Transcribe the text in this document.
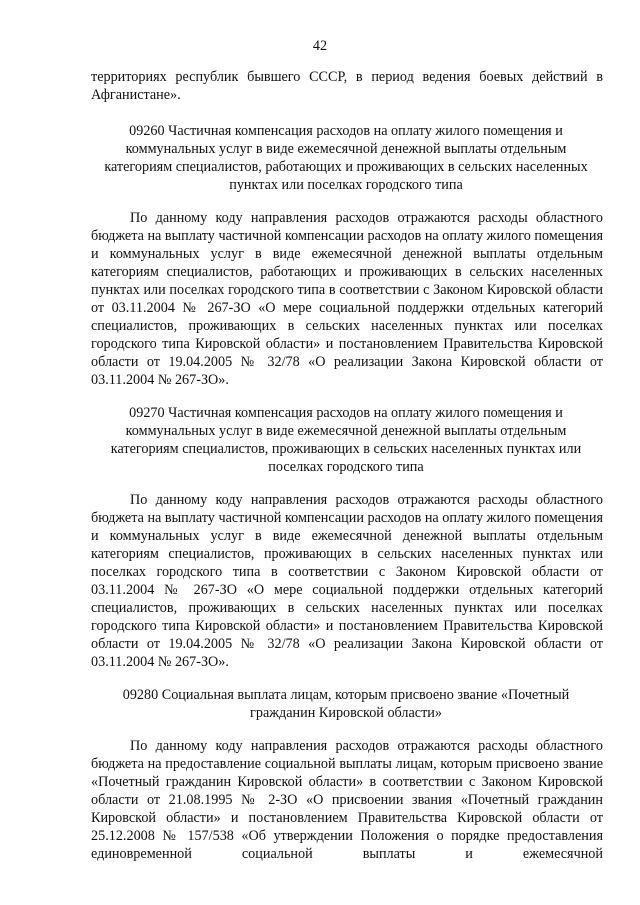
42
территориях республик бывшего СССР, в период ведения боевых действий в Афганистане».
09260 Частичная компенсация расходов на оплату жилого помещения и коммунальных услуг в виде ежемесячной денежной выплаты отдельным категориям специалистов, работающих и проживающих в сельских населенных пунктах или поселках городского типа
По данному коду направления расходов отражаются расходы областного бюджета на выплату частичной компенсации расходов на оплату жилого помещения и коммунальных услуг в виде ежемесячной денежной выплаты отдельным категориям специалистов, работающих и проживающих в сельских населенных пунктах или поселках городского типа в соответствии с Законом Кировской области от 03.11.2004 № 267-ЗО «О мере социальной поддержки отдельных категорий специалистов, проживающих в сельских населенных пунктах или поселках городского типа Кировской области» и постановлением Правительства Кировской области от 19.04.2005 № 32/78 «О реализации Закона Кировской области от 03.11.2004 № 267-ЗО».
09270 Частичная компенсация расходов на оплату жилого помещения и коммунальных услуг в виде ежемесячной денежной выплаты отдельным категориям специалистов, проживающих в сельских населенных пунктах или поселках городского типа
По данному коду направления расходов отражаются расходы областного бюджета на выплату частичной компенсации расходов на оплату жилого помещения и коммунальных услуг в виде ежемесячной денежной выплаты отдельным категориям специалистов, проживающих в сельских населенных пунктах или поселках городского типа в соответствии с Законом Кировской области от 03.11.2004 № 267-ЗО «О мере социальной поддержки отдельных категорий специалистов, проживающих в сельских населенных пунктах или поселках городского типа Кировской области» и постановлением Правительства Кировской области от 19.04.2005 № 32/78 «О реализации Закона Кировской области от 03.11.2004 № 267-ЗО».
09280 Социальная выплата лицам, которым присвоено звание «Почетный гражданин Кировской области»
По данному коду направления расходов отражаются расходы областного бюджета на предоставление социальной выплаты лицам, которым присвоено звание «Почетный гражданин Кировской области» в соответствии с Законом Кировской области от 21.08.1995 № 2-ЗО «О присвоении звания «Почетный гражданин Кировской области» и постановлением Правительства Кировской области от 25.12.2008 № 157/538 «Об утверждении Положения о порядке предоставления единовременной социальной выплаты и ежемесячной
